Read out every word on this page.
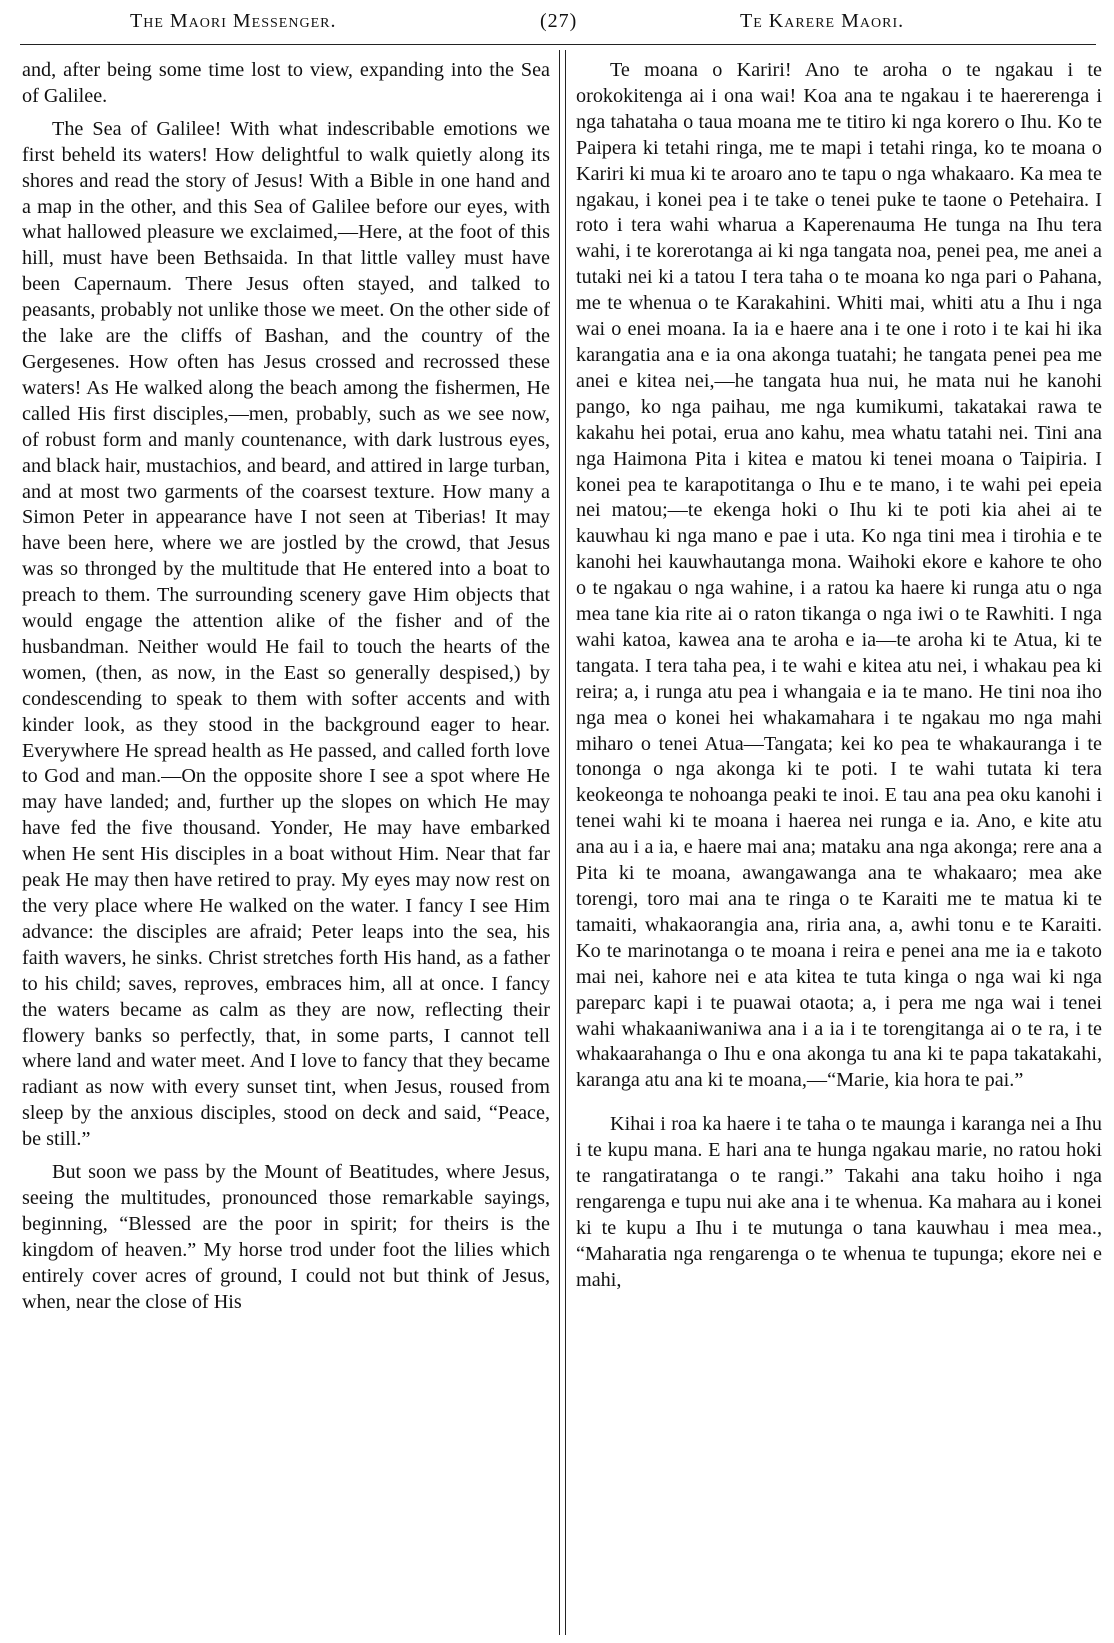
The Maori Messenger.	(27)	Te Karere Maori.

and, after being some time lost to view, expanding into the Sea of Galilee.

The Sea of Galilee! With what indescribable emotions we first beheld its waters! How delightful to walk quietly along its shores and read the story of Jesus! With a Bible in one hand and a map in the other, and this Sea of Galilee before our eyes, with what hallowed pleasure we exclaimed,—Here, at the foot of this hill, must have been Bethsaida. In that little valley must have been Capernaum. There Jesus often stayed, and talked to peasants, probably not unlike those we meet. On the other side of the lake are the cliffs of Bashan, and the country of the Gergesenes. How often has Jesus crossed and recrossed these waters! As He walked along the beach among the fishermen, He called His first disciples,—men, probably, such as we see now, of robust form and manly countenance, with dark lustrous eyes, and black hair, mustachios, and beard, and attired in large turban, and at most two garments of the coarsest texture. How many a Simon Peter in appearance have I not seen at Tiberias! It may have been here, where we are jostled by the crowd, that Jesus was so thronged by the multitude that He entered into a boat to preach to them. The surrounding scenery gave Him objects that would engage the attention alike of the fisher and of the husbandman. Neither would He fail to touch the hearts of the women, (then, as now, in the East so generally despised,) by condescending to speak to them with softer accents and with kinder look, as they stood in the background eager to hear. Everywhere He spread health as He passed, and called forth love to God and man.—On the opposite shore I see a spot where He may have landed; and, further up the slopes on which He may have fed the five thousand. Yonder, He may have embarked when He sent His disciples in a boat without Him. Near that far peak He may then have retired to pray. My eyes may now rest on the very place where He walked on the water. I fancy I see Him advance: the disciples are afraid; Peter leaps into the sea, his faith wavers, he sinks. Christ stretches forth His hand, as a father to his child; saves, reproves, embraces him, all at once. I fancy the waters became as calm as they are now, reflecting their flowery banks so perfectly, that, in some parts, I cannot tell where land and water meet. And I love to fancy that they became radiant as now with every sunset tint, when Jesus, roused from sleep by the anxious disciples, stood on deck and said, “Peace, be still.”

But soon we pass by the Mount of Beatitudes, where Jesus, seeing the multitudes, pronounced those remarkable sayings, beginning, “Blessed are the poor in spirit; for theirs is the kingdom of heaven.” My horse trod under foot the lilies which entirely cover acres of ground, I could not but think of Jesus, when, near the close of His

Te moana o Kariri! Ano te aroha o te ngakau i te orokokitenga ai i ona wai! Koa ana te ngakau i te haererenga i nga tahataha o taua moana me te titiro ki nga korero o Ihu. Ko te Paipera ki tetahi ringa, me te mapi i tetahi ringa, ko te moana o Kariri ki mua ki te aroaro ano te tapu o nga whakaaro. Ka mea te ngakau, i konei pea i te take o tenei puke te taone o Petehaira. I roto i tera wahi wharua a Kaperenauma He tunga na Ihu tera wahi, i te korerotanga ai ki nga tangata noa, penei pea, me anei a tutaki nei ki a tatou I tera taha o te moana ko nga pari o Pahana, me te whenua o te Karakahini. Whiti mai, whiti atu a Ihu i nga wai o enei moana. Ia ia e haere ana i te one i roto i te kai hi ika karangatia ana e ia ona akonga tuatahi; he tangata penei pea me anei e kitea nei,—he tangata hua nui, he mata nui he kanohi pango, ko nga paihau, me nga kumikumi, takatakai rawa te kakahu hei potai, erua ano kahu, mea whatu tatahi nei. Tini ana nga Haimona Pita i kitea e matou ki tenei moana o Taipiria. I konei pea te karapotitanga o Ihu e te mano, i te wahi pei epeia nei matou;—te ekenga hoki o Ihu ki te poti kia ahei ai te kauwhau ki nga mano e pae i uta. Ko nga tini mea i tirohia e te kanohi hei kauwhautanga mona. Waihoki ekore e kahore te oho o te ngakau o nga wahine, i a ratou ka haere ki runga atu o nga mea tane kia rite ai o raton tikanga o nga iwi o te Rawhiti. I nga wahi katoa, kawea ana te aroha e ia—te aroha ki te Atua, ki te tangata. I tera taha pea, i te wahi e kitea atu nei, i whakau pea ki reira; a, i runga atu pea i whangaia e ia te mano. He tini noa iho nga mea o konei hei whakamahara i te ngakau mo nga mahi miharo o tenei Atua—Tangata; kei ko pea te whakauranga i te tononga o nga akonga ki te poti. I te wahi tutata ki tera keokeonga te nohoanga peaki te inoi. E tau ana pea oku kanohi i tenei wahi ki te moana i haerea nei runga e ia. Ano, e kite atu ana au i a ia, e haere mai ana; mataku ana nga akonga; rere ana a Pita ki te moana, awangawanga ana te whakaaro; mea ake torengi, toro mai ana te ringa o te Karaiti me te matua ki te tamaiti, whakaorangia ana, riria ana, a, awhi tonu e te Karaiti. Ko te marinotanga o te moana i reira e penei ana me ia e takoto mai nei, kahore nei e ata kitea te tuta kinga o nga wai ki nga pareparc kapi i te puawai otaota; a, i pera me nga wai i tenei wahi whakaaniwaniwa ana i a ia i te torengitanga ai o te ra, i te whakaarahanga o Ihu e ona akonga tu ana ki te papa takatakahi, karanga atu ana ki te moana,—“Marie, kia hora te pai.”

Kihai i roa ka haere i te taha o te maunga i karanga nei a Ihu i te kupu mana. E hari ana te hunga ngakau marie, no ratou hoki te rangatiratanga o te rangi.” Takahi ana taku hoiho i nga rengarenga e tupu nui ake ana i te whenua. Ka mahara au i konei ki te kupu a Ihu i te mutunga o tana kauwhau i mea mea., “Maharatia nga rengarenga o te whenua te tupunga; ekore nei e mahi,
